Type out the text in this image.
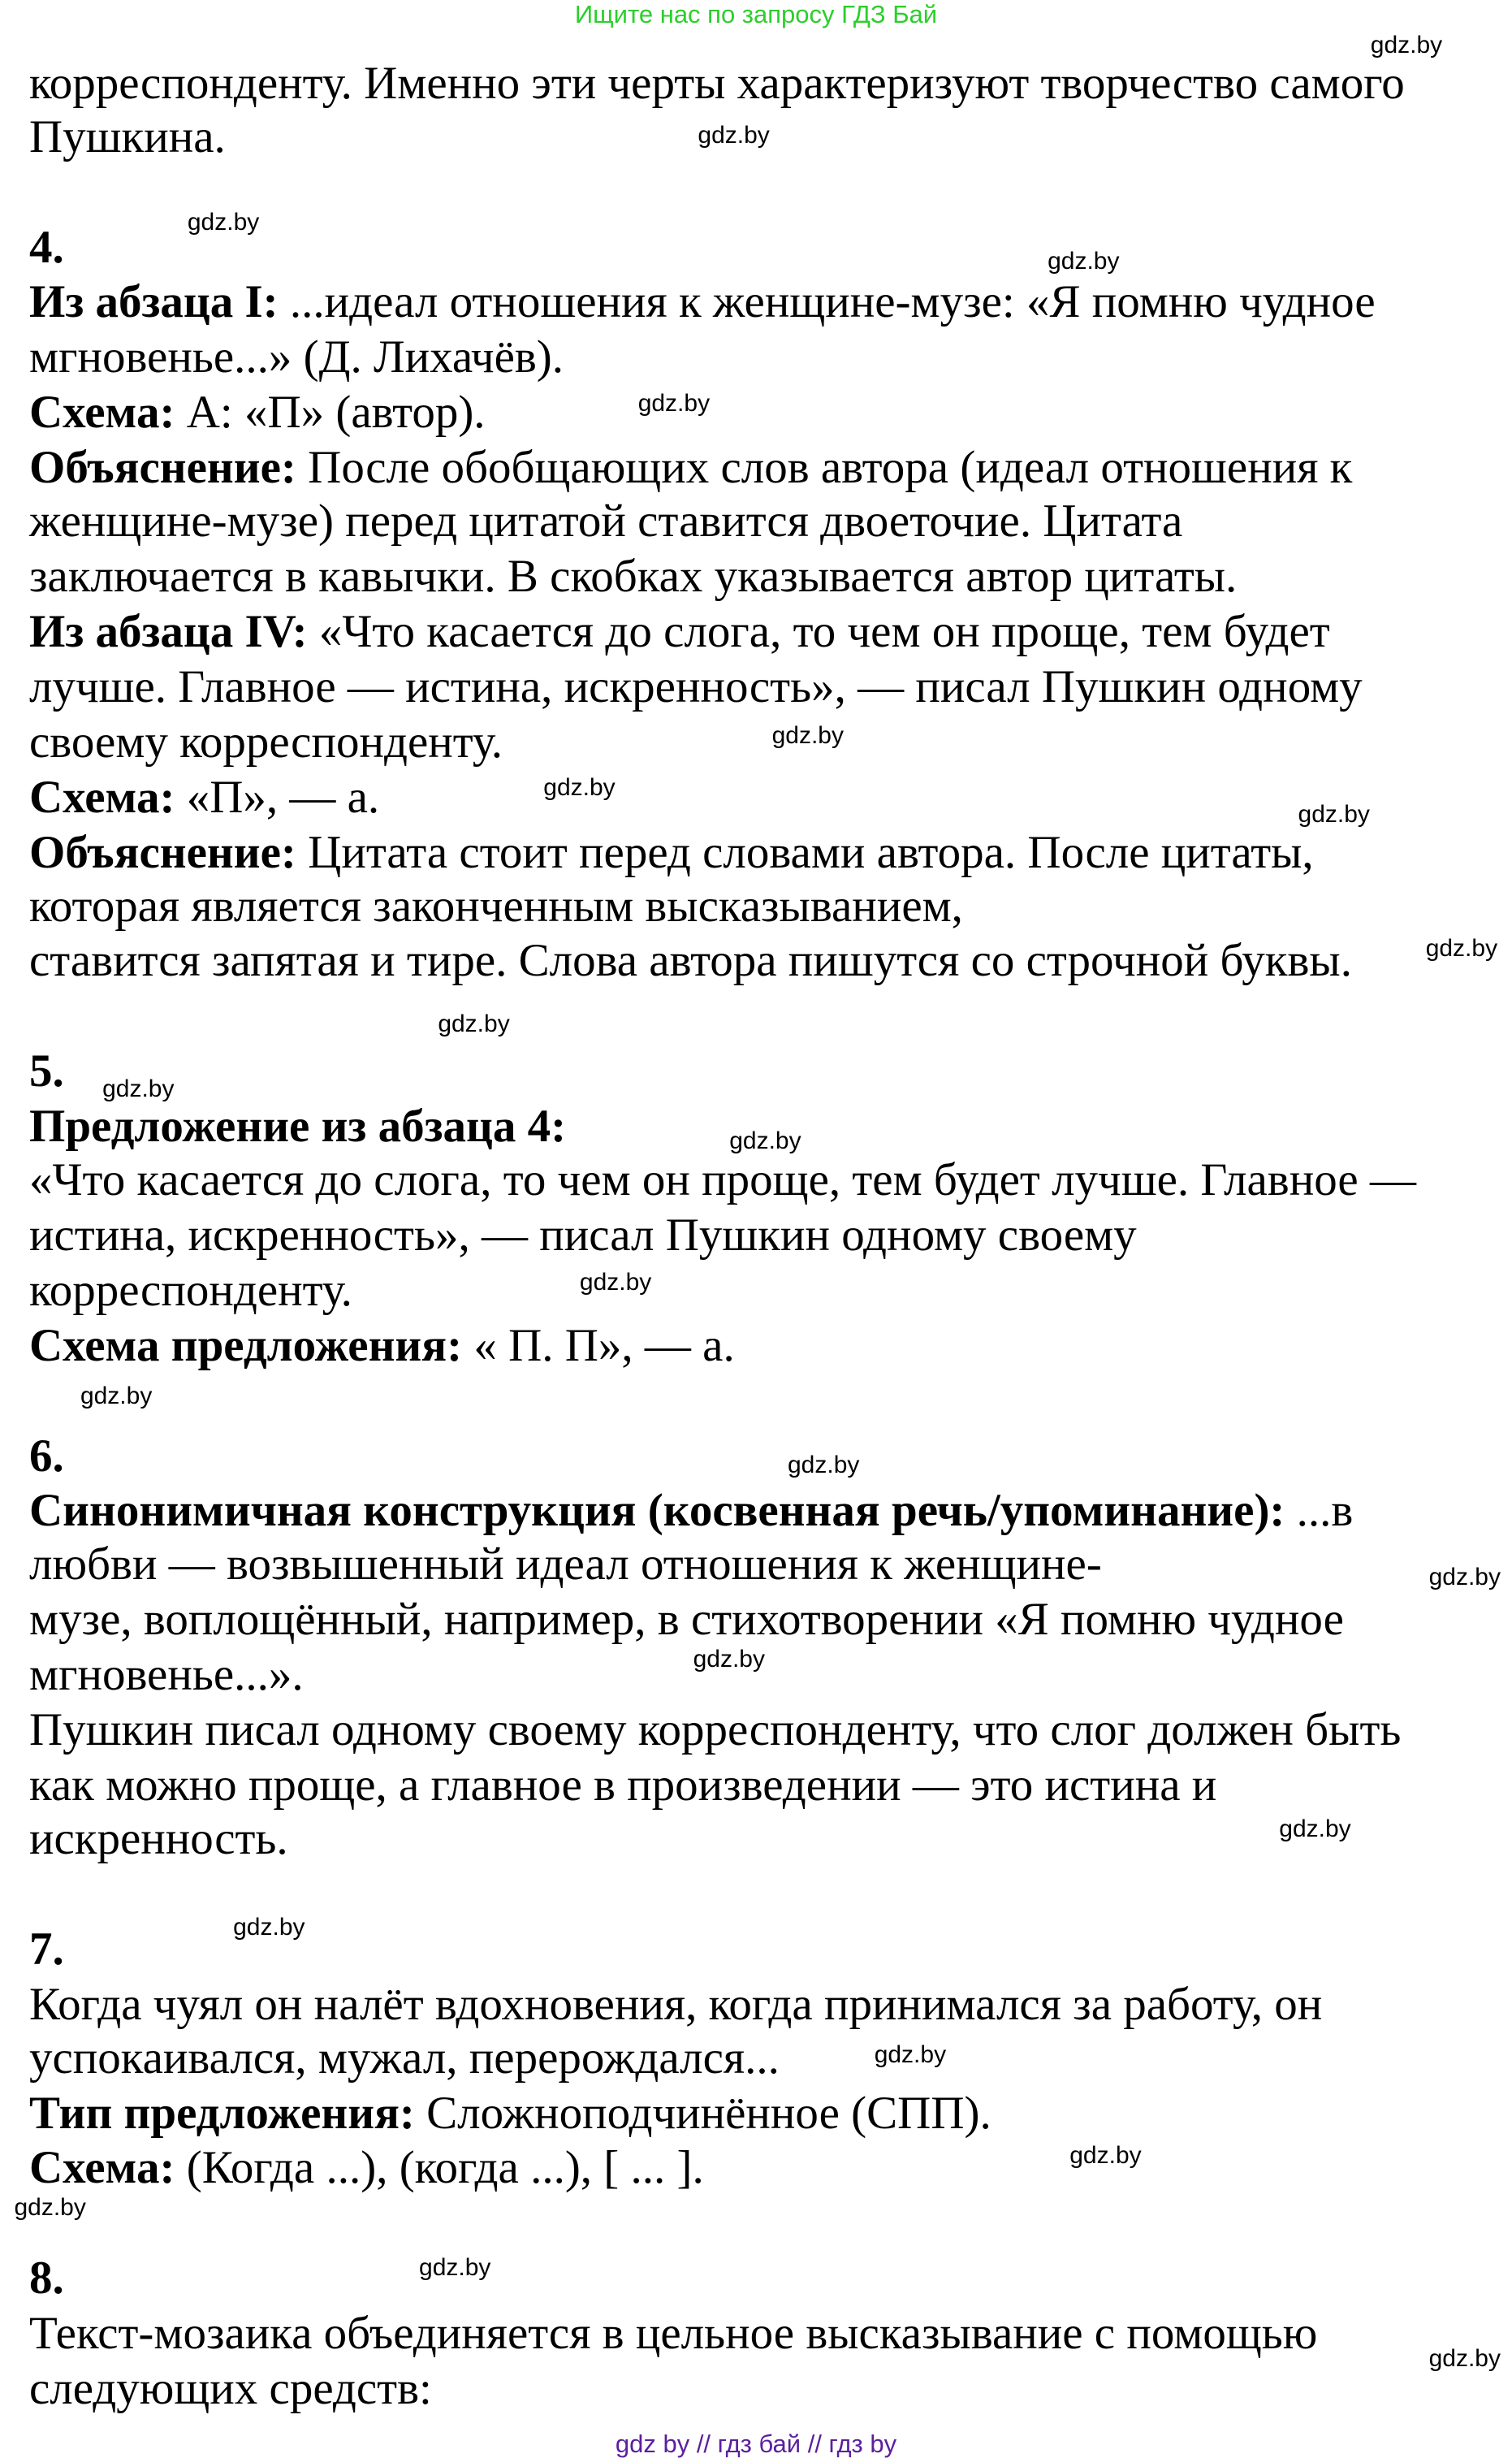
Ищите нас по запросу ГДЗ Бай
корреспонденту. Именно эти черты характеризуют творчество самого
Пушкина.
4.
Из абзаца I: ...идеал отношения к женщине-музе: «Я помню чудное
мгновенье...» (Д. Лихачёв).
Схема: А: «П» (автор).
Объяснение: После обобщающих слов автора (идеал отношения к
женщине-музе) перед цитатой ставится двоеточие. Цитата
заключается в кавычки. В скобках указывается автор цитаты.
Из абзаца IV: «Что касается до слога, то чем он проще, тем будет
лучше. Главное — истина, искренность», — писал Пушкин одному
своему корреспонденту.
Схема: «П», — а.
Объяснение: Цитата стоит перед словами автора. После цитаты,
которая является законченным высказыванием,
ставится запятая и тире. Слова автора пишутся со строчной буквы.
5.
Предложение из абзаца 4:
«Что касается до слога, то чем он проще, тем будет лучше. Главное —
истина, искренность», — писал Пушкин одному своему
корреспонденту.
Схема предложения: « П. П», — а.
6.
Синонимичная конструкция (косвенная речь/упоминание): ...в
любви — возвышенный идеал отношения к женщине-
музе, воплощённый, например, в стихотворении «Я помню чудное
мгновенье...».
Пушкин писал одному своему корреспонденту, что слог должен быть
как можно проще, а главное в произведении — это истина и
искренность.
7.
Когда чуял он налёт вдохновения, когда принимался за работу, он
успокаивался, мужал, перерождался...
Тип предложения: Сложноподчинённое (СПП).
Схема: (Когда ...), (когда ...), [ ... ].
8.
Текст-мозаика объединяется в цельное высказывание с помощью
следующих средств:
gdz.by
gdz.by
gdz.by
gdz.by
gdz.by
gdz.by
gdz.by
gdz.by
gdz.by
gdz.by
gdz.by
gdz.by
gdz.by
gdz.by
gdz.by
gdz.by
gdz.by
gdz.by
gdz.by
gdz.by
gdz.by
gdz.by
gdz.by
gdz.by
gdz by // гдз бай // гдз by
